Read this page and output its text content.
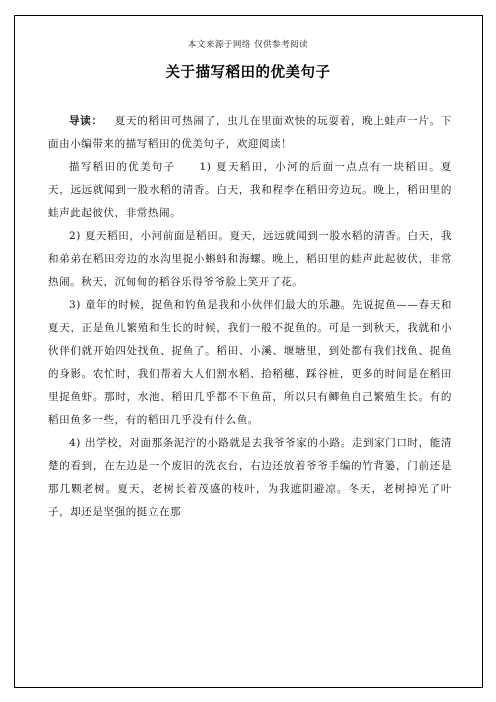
本文来源于网络 仅供参考阅读
关于描写稻田的优美句子

导读： 夏天的稻田可热闹了，虫儿在里面欢快的玩耍着，晚上蛙声一片。下面由小编带来的描写稻田的优美句子，欢迎阅读！

描写稻田的优美句子 1) 夏天稻田，小河的后面一点点有一块稻田。夏天，远远就闻到一股水稻的清香。白天，我和程李在稻田旁边玩。晚上，稻田里的蛙声此起彼伏，非常热闹。

2) 夏天稻田，小河前面是稻田。夏天，远远就闻到一股水稻的清香。白天，我和弟弟在稻田旁边的水沟里捉小蝌蚪和海螺。晚上，稻田里的蛙声此起彼伏，非常热闹。秋天，沉甸甸的稻谷乐得爷爷脸上笑开了花。

3) 童年的时候，捉鱼和钓鱼是我和小伙伴们最大的乐趣。先说捉鱼——春天和夏天，正是鱼儿繁殖和生长的时候，我们一般不捉鱼的。可是一到秋天，我就和小伙伴们就开始四处找鱼、捉鱼了。稻田、小溪、堰塘里，到处都有我们找鱼、捉鱼的身影。农忙时，我们帮着大人们割水稻、拾稻穗、踩谷桩，更多的时间是在稻田里捉鱼虾。那时，水池、稻田几乎都不下鱼苗，所以只有鲫鱼自己繁殖生长。有的稻田鱼多一些，有的稻田几乎没有什么鱼。

4) 出学校，对面那条泥泞的小路就是去我爷爷家的小路。走到家门口时，能清楚的看到，在左边是一个废旧的洗衣台，右边还放着爷爷手编的竹背篓，门前还是那几颗老树。夏天，老树长着茂盛的枝叶，为我遮阴避凉。冬天，老树掉光了叶子，却还是坚强的挺立在那
